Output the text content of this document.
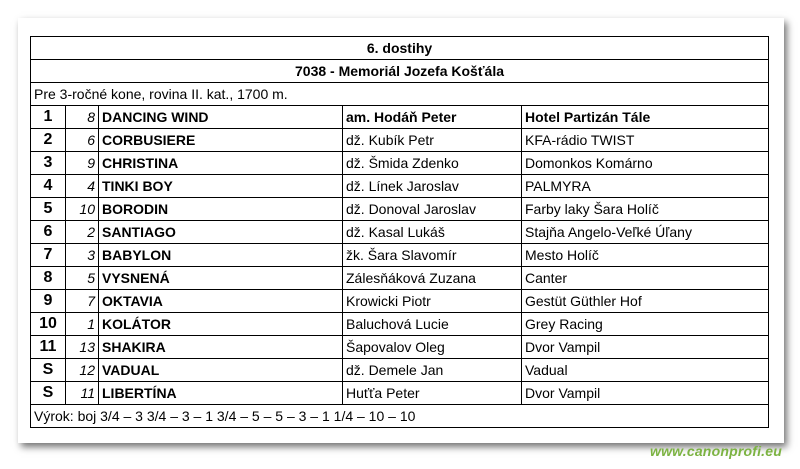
6. dostihy				
7038 - Memoriál Jozefa Košťála				
Pre 3-ročné kone, rovina II. kat., 1700 m.				
1	8	DANCING WIND	am. Hodáň Peter	Hotel Partizán Tále
2	6	CORBUSIERE	dž. Kubík Petr	KFA-rádio TWIST
3	9	CHRISTINA	dž. Šmida Zdenko	Domonkos Komárno
4	4	TINKI BOY	dž. Línek Jaroslav	PALMYRA
5	10	BORODIN	dž. Donoval Jaroslav	Farby laky Šara Holíč
6	2	SANTIAGO	dž. Kasal Lukáš	Stajňa Angelo-Veľké Úľany
7	3	BABYLON	žk. Šara Slavomír	Mesto Holíč
8	5	VYSNENÁ	Zálesňáková Zuzana	Canter
9	7	OKTAVIA	Krowicki Piotr	Gestüt Güthler Hof
10	1	KOLÁTOR	Baluchová Lucie	Grey Racing
11	13	SHAKIRA	Šapovalov Oleg	Dvor Vampil
S	12	VADUAL	dž. Demele Jan	Vadual
S	11	LIBERTÍNA	Huťťa Peter	Dvor Vampil
Výrok: boj 3/4 – 3 3/4 – 3 – 1 3/4 – 5 – 5 – 3 – 1 1/4 – 10 – 10				
www.canonprofi.eu
